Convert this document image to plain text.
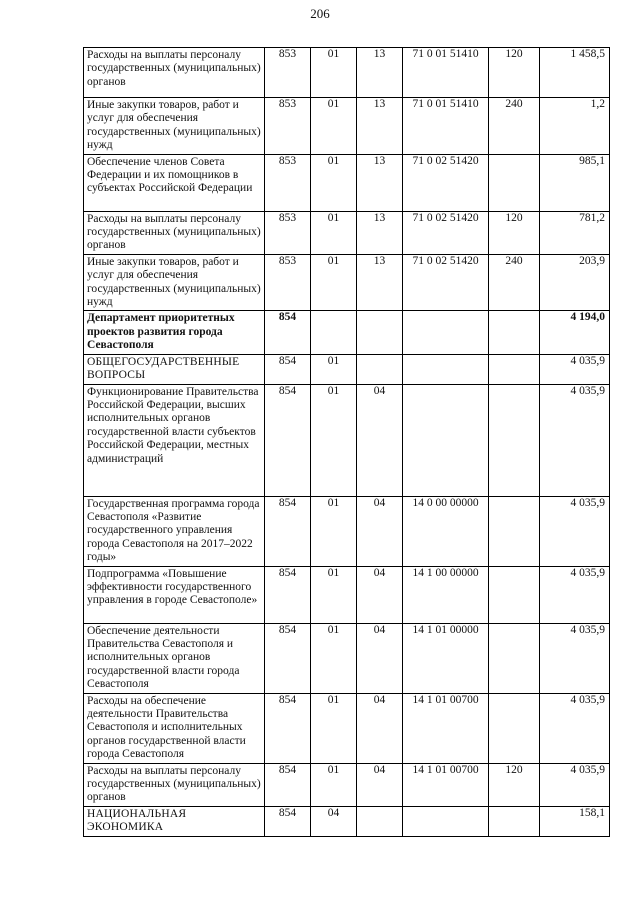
206
Расходы на выплаты персоналу государственных (муниципальных) органов	853	01	13	71 0 01 51410	120	1 458,5
Иные закупки товаров, работ и услуг для обеспечения государственных (муниципальных) нужд	853	01	13	71 0 01 51410	240	1,2
Обеспечение членов Совета Федерации и их помощников в субъектах Российской Федерации	853	01	13	71 0 02 51420		985,1
Расходы на выплаты персоналу государственных (муниципальных) органов	853	01	13	71 0 02 51420	120	781,2
Иные закупки товаров, работ и услуг для обеспечения государственных (муниципальных) нужд	853	01	13	71 0 02 51420	240	203,9
Департамент приоритетных проектов развития города Севастополя	854					4 194,0
ОБЩЕГОСУДАРСТВЕННЫЕ ВОПРОСЫ	854	01				4 035,9
Функционирование Правительства Российской Федерации, высших исполнительных органов государственной власти субъектов Российской Федерации, местных администраций	854	01	04			4 035,9
Государственная программа города Севастополя «Развитие государственного управления города Севастополя на 2017–2022 годы»	854	01	04	14 0 00 00000		4 035,9
Подпрограмма «Повышение эффективности государственного управления в городе Севастополе»	854	01	04	14 1 00 00000		4 035,9
Обеспечение деятельности Правительства Севастополя и исполнительных органов государственной власти города Севастополя	854	01	04	14 1 01 00000		4 035,9
Расходы на обеспечение деятельности Правительства Севастополя и исполнительных органов государственной власти города Севастополя	854	01	04	14 1 01 00700		4 035,9
Расходы на выплаты персоналу государственных (муниципальных) органов	854	01	04	14 1 01 00700	120	4 035,9
НАЦИОНАЛЬНАЯ ЭКОНОМИКА	854	04				158,1
